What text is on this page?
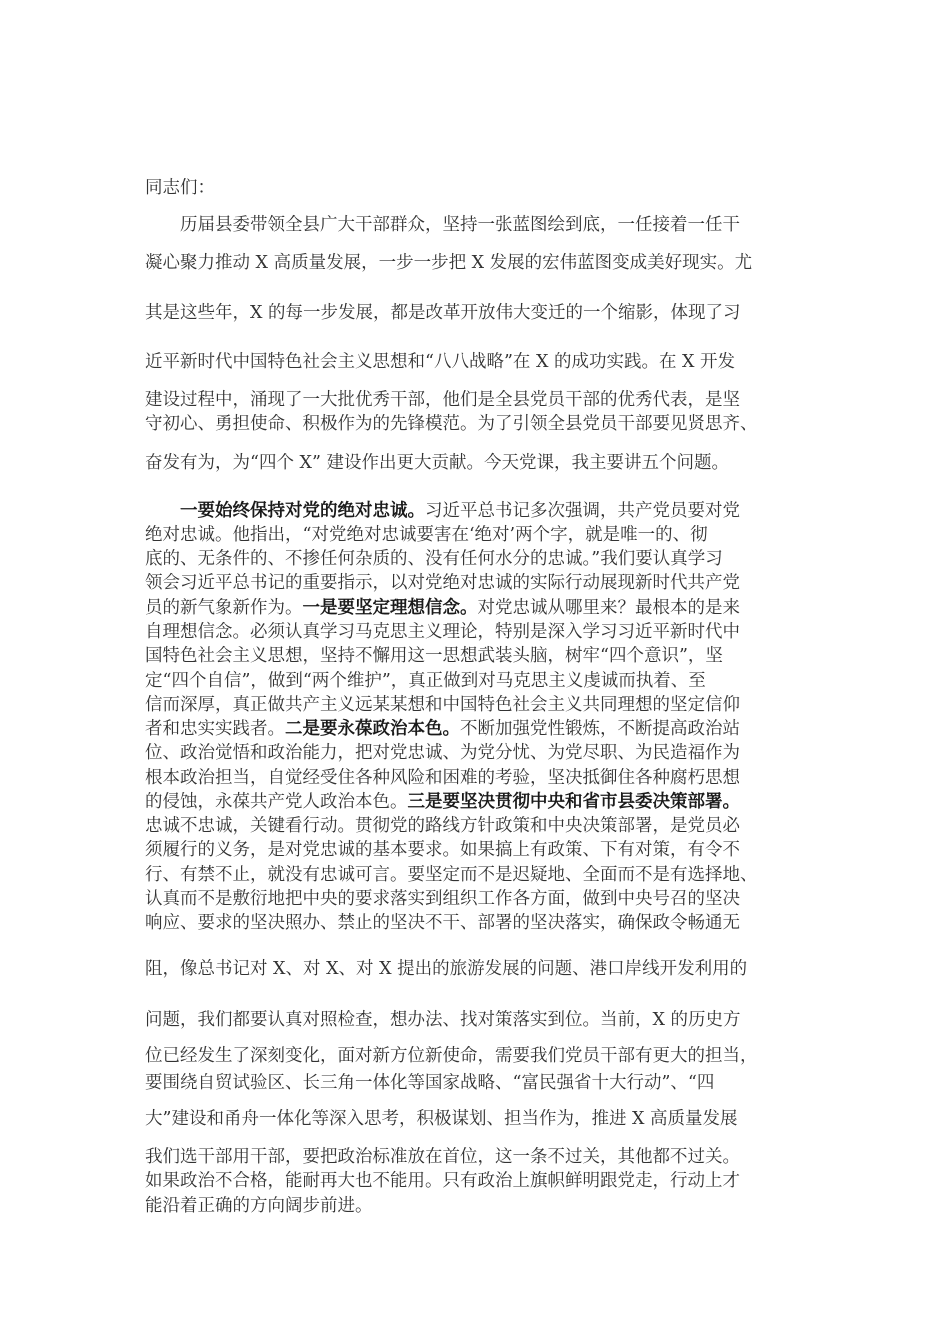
同志们：
历届县委带领全县广大干部群众，坚持一张蓝图绘到底，一任接着一任干
凝心聚力推动 X 高质量发展，一步一步把 X 发展的宏伟蓝图变成美好现实。尤
其是这些年，X 的每一步发展，都是改革开放伟大变迁的一个缩影，体现了习
近平新时代中国特色社会主义思想和“八八战略”在 X 的成功实践。在 X 开发
建设过程中，涌现了一大批优秀干部，他们是全县党员干部的优秀代表，是坚
守初心、勇担使命、积极作为的先锋模范。为了引领全县党员干部要见贤思齐、
奋发有为，为“四个 X” 建设作出更大贡献。今天党课，我主要讲五个问题。
一要始终保持对党的绝对忠诚。习近平总书记多次强调，共产党员要对党
绝对忠诚。他指出，“对党绝对忠诚要害在‘绝对’两个字，就是唯一的、彻
底的、无条件的、不掺任何杂质的、没有任何水分的忠诚。”我们要认真学习
领会习近平总书记的重要指示，以对党绝对忠诚的实际行动展现新时代共产党
员的新气象新作为。一是要坚定理想信念。对党忠诚从哪里来？最根本的是来
自理想信念。必须认真学习马克思主义理论，特别是深入学习习近平新时代中
国特色社会主义思想，坚持不懈用这一思想武装头脑，树牢“四个意识”，坚
定“四个自信”，做到“两个维护”，真正做到对马克思主义虔诚而执着、至
信而深厚，真正做共产主义远某某想和中国特色社会主义共同理想的坚定信仰
者和忠实实践者。二是要永葆政治本色。不断加强党性锻炼，不断提高政治站
位、政治觉悟和政治能力，把对党忠诚、为党分忧、为党尽职、为民造福作为
根本政治担当，自觉经受住各种风险和困难的考验，坚决抵御住各种腐朽思想
的侵蚀，永葆共产党人政治本色。三是要坚决贯彻中央和省市县委决策部署。
忠诚不忠诚，关键看行动。贯彻党的路线方针政策和中央决策部署，是党员必
须履行的义务，是对党忠诚的基本要求。如果搞上有政策、下有对策，有令不
行、有禁不止，就没有忠诚可言。要坚定而不是迟疑地、全面而不是有选择地、
认真而不是敷衍地把中央的要求落实到组织工作各方面，做到中央号召的坚决
响应、要求的坚决照办、禁止的坚决不干、部署的坚决落实，确保政令畅通无
阻，像总书记对 X、对 X、对 X 提出的旅游发展的问题、港口岸线开发利用的
问题，我们都要认真对照检查，想办法、找对策落实到位。当前，X 的历史方
位已经发生了深刻变化，面对新方位新使命，需要我们党员干部有更大的担当，
要围绕自贸试验区、长三角一体化等国家战略、“富民强省十大行动”、“四
大”建设和甬舟一体化等深入思考，积极谋划、担当作为，推进 X 高质量发展
我们选干部用干部，要把政治标准放在首位，这一条不过关，其他都不过关。
如果政治不合格，能耐再大也不能用。只有政治上旗帜鲜明跟党走，行动上才
能沿着正确的方向阔步前进。
